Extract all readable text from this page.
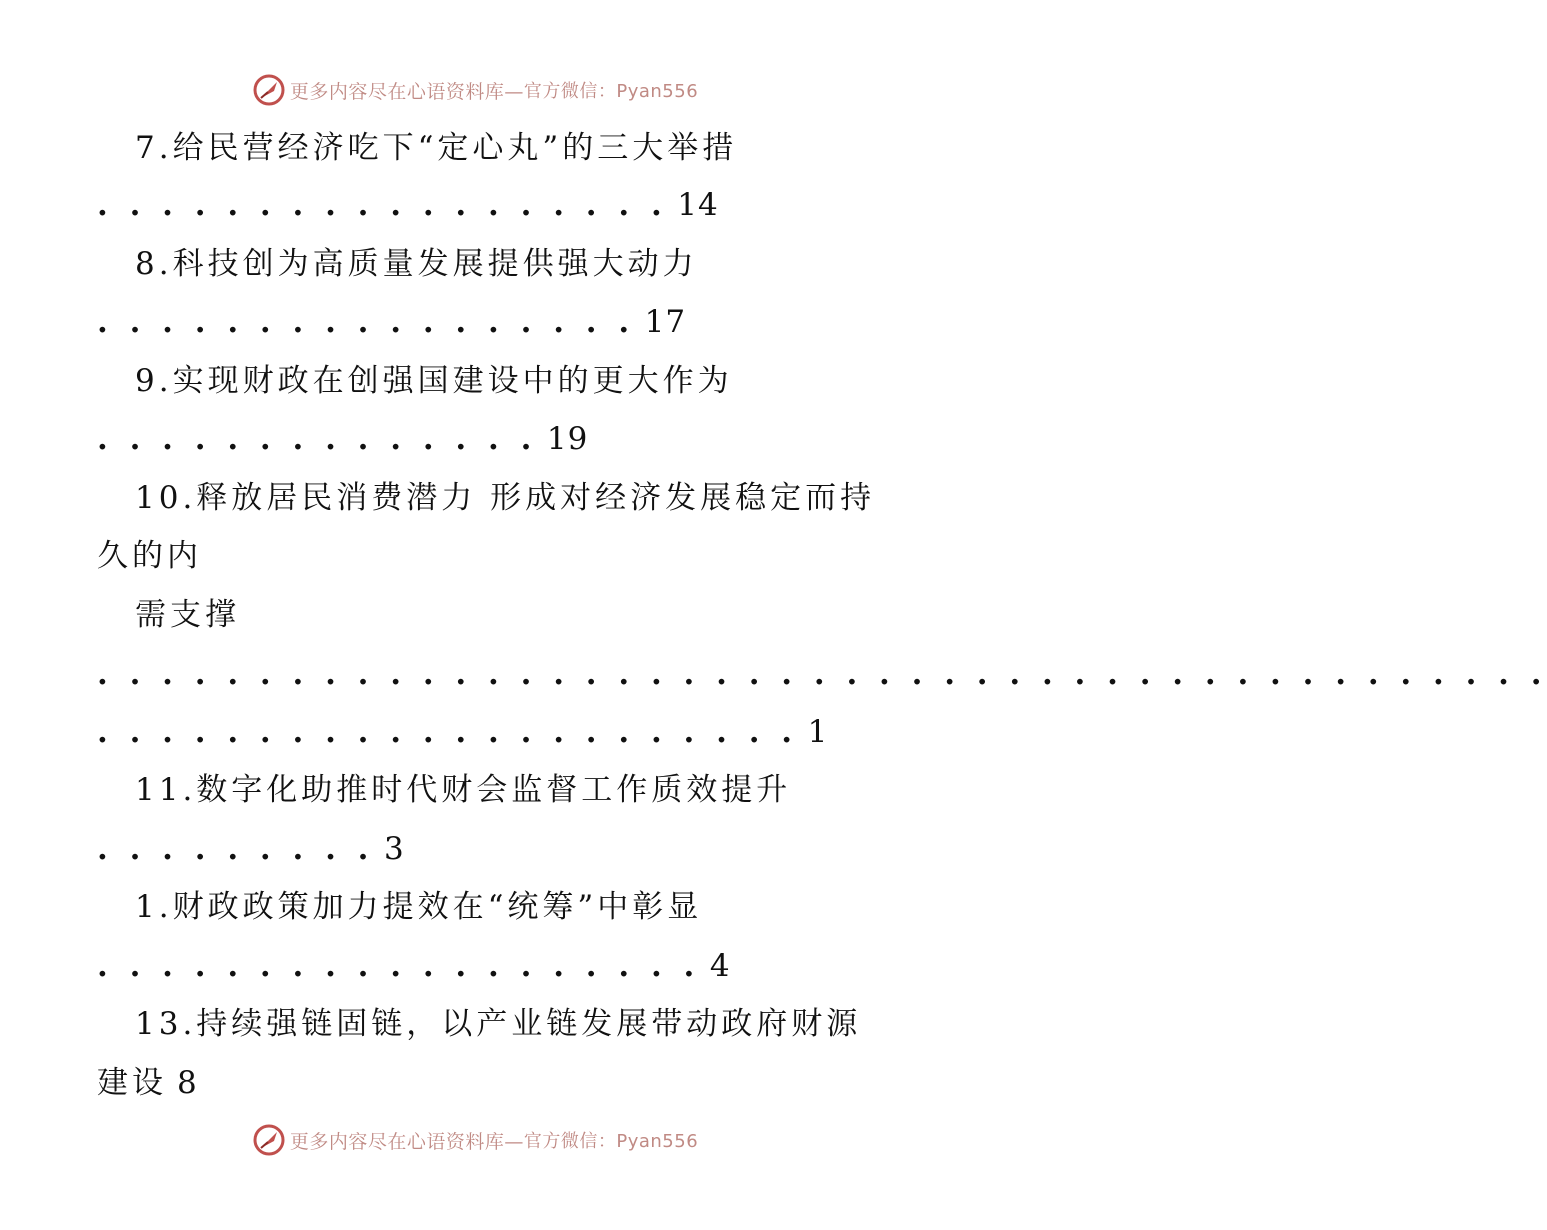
更多内容尽在心语资料库— 官方微信：Pyan556
7.给民营经济吃下“定心丸”的三大举措
. . . . . . . . . . . . . . . . . . 14
8.科技创为高质量发展提供强大动力
. . . . . . . . . . . . . . . . . 17
9.实现财政在创强国建设中的更大作为
. . . . . . . . . . . . . . 19
10.释放居民消费潜力 形成对经济发展稳定而持
久的内
需支撑
. . . . . . . . . . . . . . . . . . . . . . . . . . . . . . . . . . . . . . . . . . . . .
. . . . . . . . . . . . . . . . . . . . . . 1
11.数字化助推时代财会监督工作质效提升
. . . . . . . . . 3
1.财政政策加力提效在“统筹”中彰显
. . . . . . . . . . . . . . . . . . . 4
13.持续强链固链，以产业链发展带动政府财源
建设 8
更多内容尽在心语资料库— 官方微信：Pyan556
